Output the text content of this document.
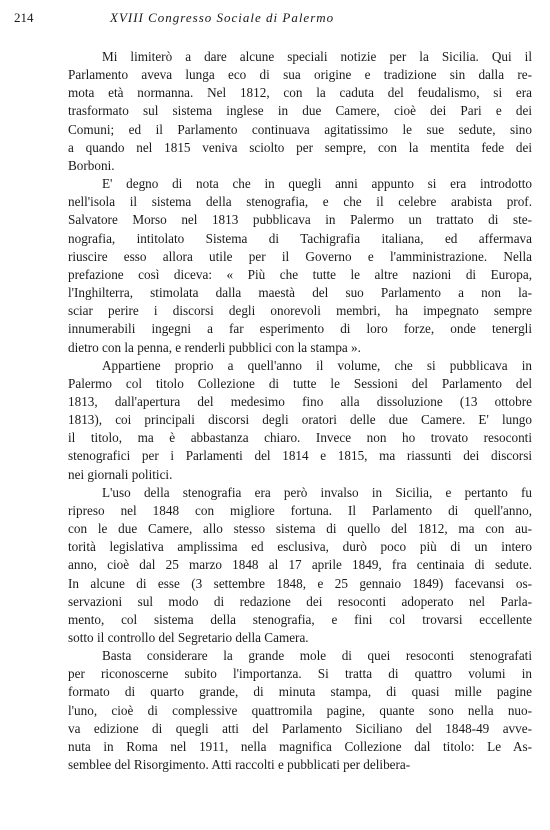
214	XVIII Congresso Sociale di Palermo
Mi limiterò a dare alcune speciali notizie per la Sicilia. Qui il
Parlamento aveva lunga eco di sua origine e tradizione sin dalla re-
mota età normanna. Nel 1812, con la caduta del feudalismo, si era
trasformato sul sistema inglese in due Camere, cioè dei Pari e dei
Comuni; ed il Parlamento continuava agitatissimo le sue sedute, sino
a quando nel 1815 veniva sciolto per sempre, con la mentita fede dei
Borboni.
E' degno di nota che in quegli anni appunto si era introdotto
nell'isola il sistema della stenografia, e che il celebre arabista prof.
Salvatore Morso nel 1813 pubblicava in Palermo un trattato di ste-
nografia, intitolato Sistema di Tachigrafia italiana, ed affermava
riuscire esso allora utile per il Governo e l'amministrazione. Nella
prefazione così diceva: « Più che tutte le altre nazioni di Europa,
l'Inghilterra, stimolata dalla maestà del suo Parlamento a non la-
sciar perire i discorsi degli onorevoli membri, ha impegnato sempre
innumerabili ingegni a far esperimento di loro forze, onde tenergli
dietro con la penna, e renderli pubblici con la stampa ».
Appartiene proprio a quell'anno il volume, che si pubblicava in
Palermo col titolo Collezione di tutte le Sessioni del Parlamento del
1813, dall'apertura del medesimo fino alla dissoluzione (13 ottobre
1813), coi principali discorsi degli oratori delle due Camere. E' lungo
il titolo, ma è abbastanza chiaro. Invece non ho trovato resoconti
stenografici per i Parlamenti del 1814 e 1815, ma riassunti dei discorsi
nei giornali politici.
L'uso della stenografia era però invalso in Sicilia, e pertanto fu
ripreso nel 1848 con migliore fortuna. Il Parlamento di quell'anno,
con le due Camere, allo stesso sistema di quello del 1812, ma con au-
torità legislativa amplissima ed esclusiva, durò poco più di un intero
anno, cioè dal 25 marzo 1848 al 17 aprile 1849, fra centinaia di sedute.
In alcune di esse (3 settembre 1848, e 25 gennaio 1849) facevansi os-
servazioni sul modo di redazione dei resoconti adoperato nel Parla-
mento, col sistema della stenografia, e fini col trovarsi eccellente
sotto il controllo del Segretario della Camera.
Basta considerare la grande mole di quei resoconti stenografati
per riconoscerne subito l'importanza. Si tratta di quattro volumi in
formato di quarto grande, di minuta stampa, di quasi mille pagine
l'uno, cioè di complessive quattromila pagine, quante sono nella nuo-
va edizione di quegli atti del Parlamento Siciliano del 1848-49 avve-
nuta in Roma nel 1911, nella magnifica Collezione dal titolo: Le As-
semblee del Risorgimento. Atti raccolti e pubblicati per delibera-
